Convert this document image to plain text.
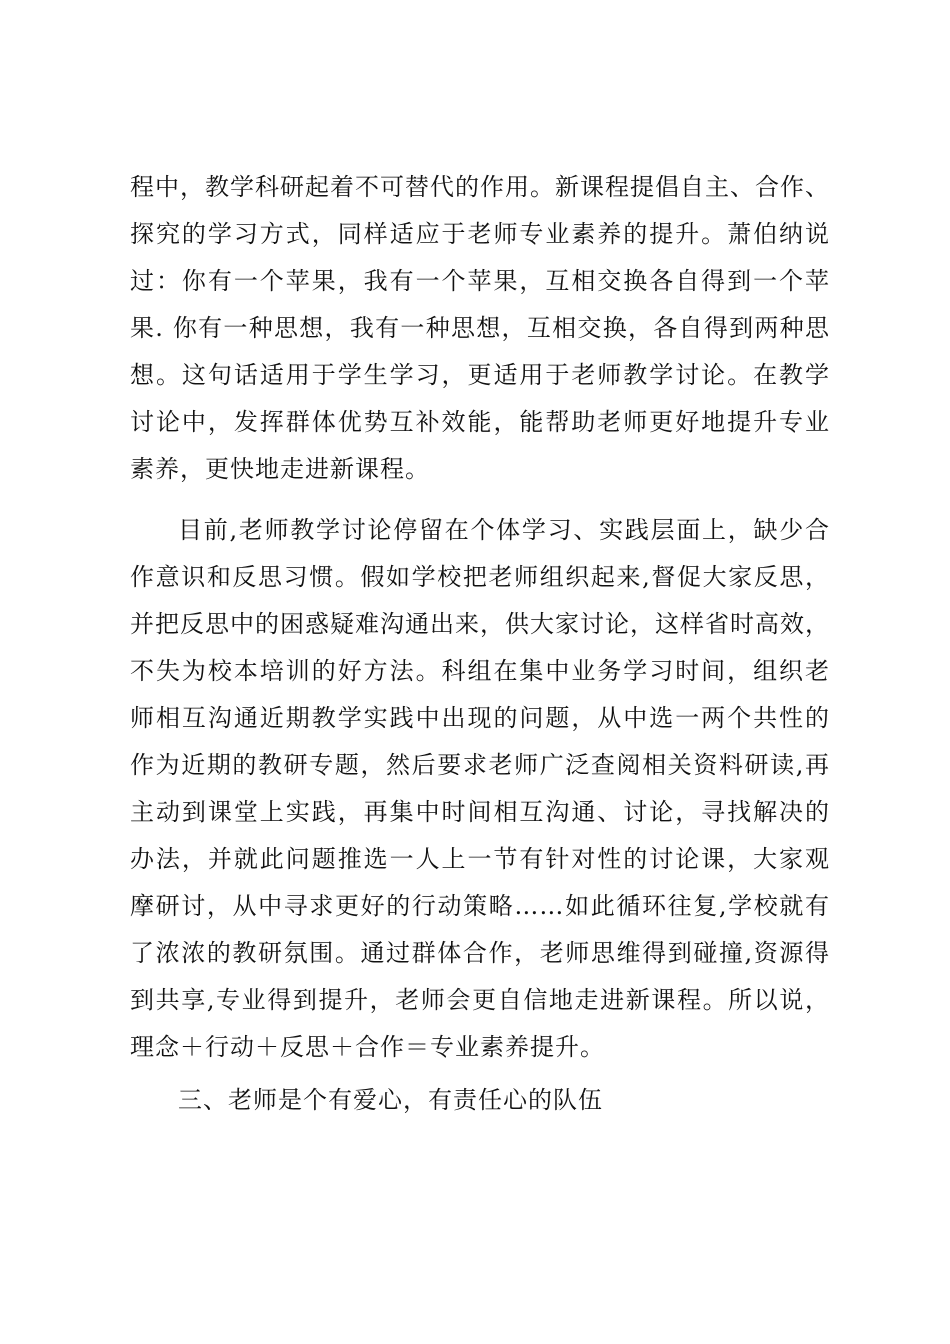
程中，教学科研起着不可替代的作用。新课程提倡自主、合作、
探究的学习方式，同样适应于老师专业素养的提升。萧伯纳说
过：你有一个苹果，我有一个苹果，互相交换各自得到一个苹
果. 你有一种思想，我有一种思想，互相交换，各自得到两种思
想。这句话适用于学生学习，更适用于老师教学讨论。在教学
讨论中，发挥群体优势互补效能，能帮助老师更好地提升专业
素养，更快地走进新课程。
目前,老师教学讨论停留在个体学习、实践层面上，缺少合
作意识和反思习惯。假如学校把老师组织起来,督促大家反思，
并把反思中的困惑疑难沟通出来，供大家讨论，这样省时高效，
不失为校本培训的好方法。科组在集中业务学习时间，组织老
师相互沟通近期教学实践中出现的问题，从中选一两个共性的
作为近期的教研专题，然后要求老师广泛查阅相关资料研读,再
主动到课堂上实践，再集中时间相互沟通、讨论，寻找解决的
办法，并就此问题推选一人上一节有针对性的讨论课，大家观
摩研讨，从中寻求更好的行动策略……如此循环往复,学校就有
了浓浓的教研氛围。通过群体合作，老师思维得到碰撞,资源得
到共享,专业得到提升，老师会更自信地走进新课程。所以说，
理念＋行动＋反思＋合作＝专业素养提升。
三、老师是个有爱心，有责任心的队伍
